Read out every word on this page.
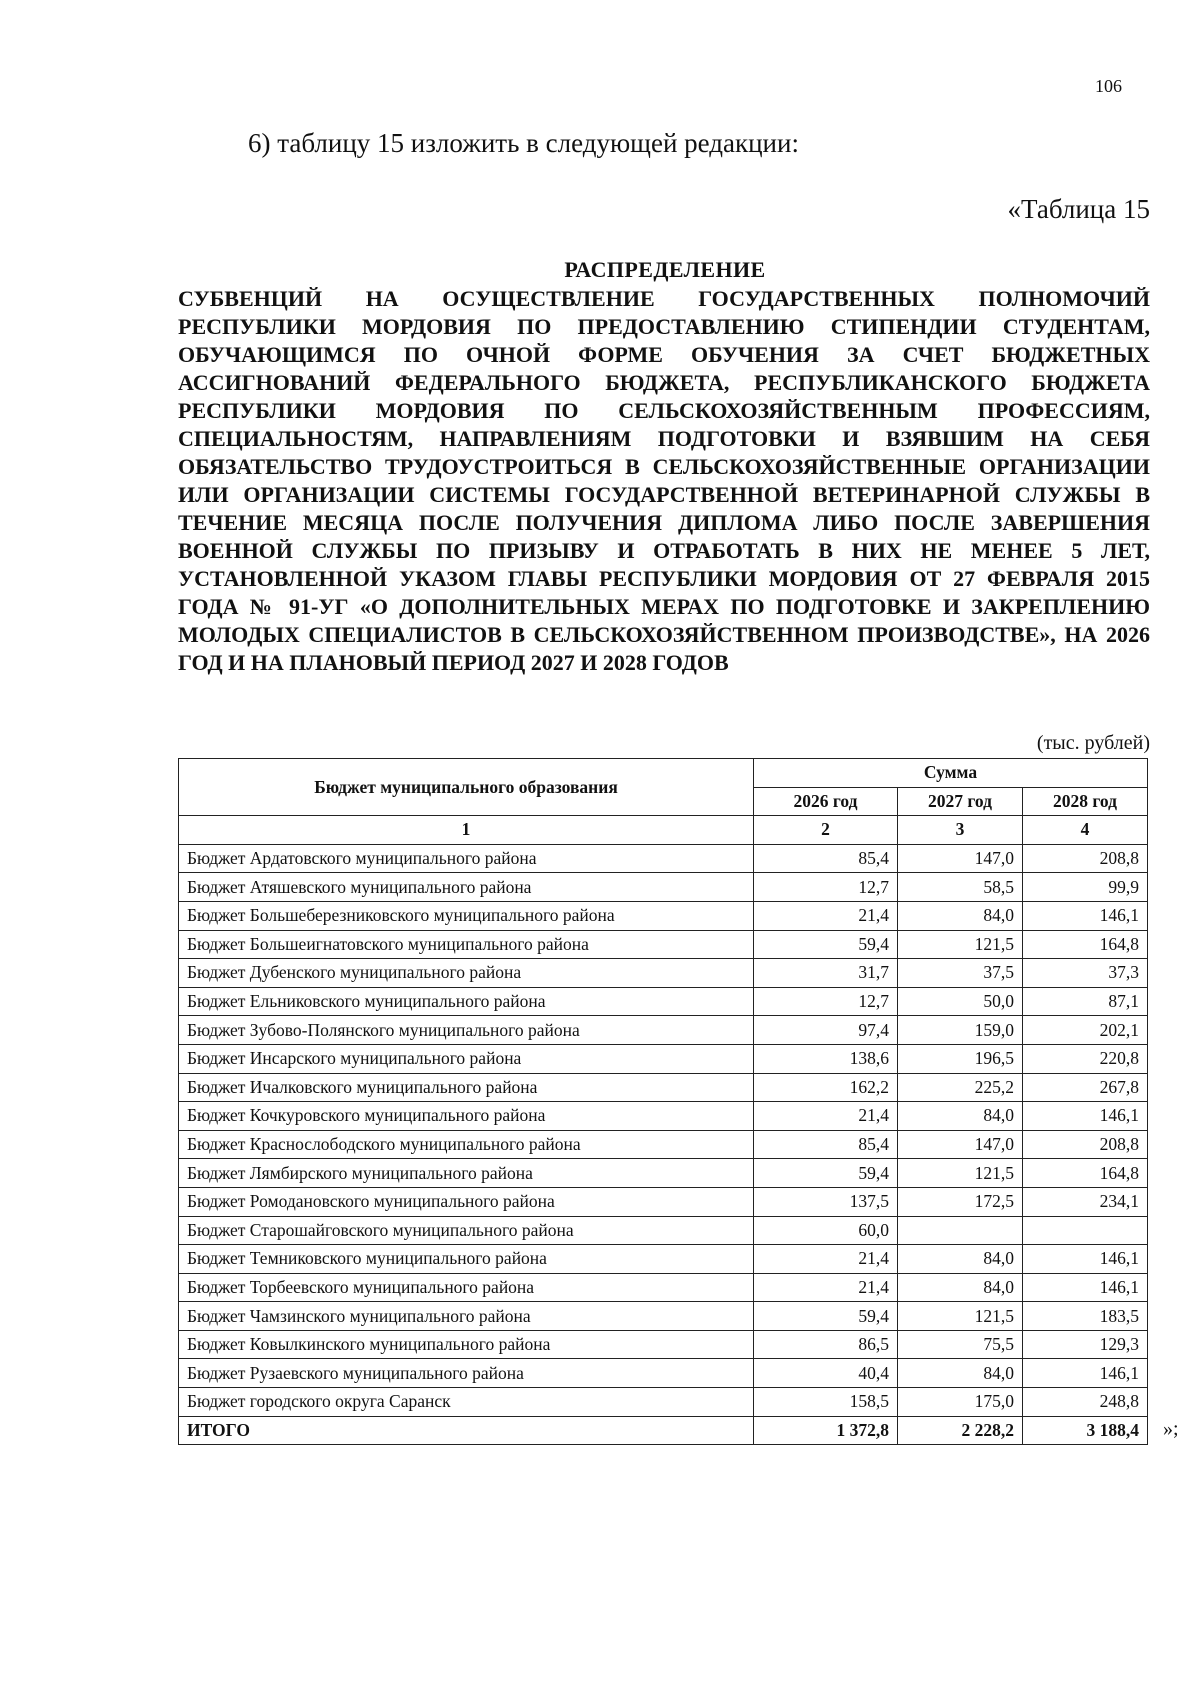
106
6) таблицу 15 изложить в следующей редакции:
«Таблица 15
РАСПРЕДЕЛЕНИЕ

СУБВЕНЦИЙ НА ОСУЩЕСТВЛЕНИЕ ГОСУДАРСТВЕННЫХ ПОЛНОМОЧИЙ РЕСПУБЛИКИ МОРДОВИЯ ПО ПРЕДОСТАВЛЕНИЮ СТИПЕНДИИ СТУДЕНТАМ, ОБУЧАЮЩИМСЯ ПО ОЧНОЙ ФОРМЕ ОБУЧЕНИЯ ЗА СЧЕТ БЮДЖЕТНЫХ АССИГНОВАНИЙ ФЕДЕРАЛЬНОГО БЮДЖЕТА, РЕСПУБЛИКАНСКОГО БЮДЖЕТА РЕСПУБЛИКИ МОРДОВИЯ ПО СЕЛЬСКОХОЗЯЙСТВЕННЫМ ПРОФЕССИЯМ, СПЕЦИАЛЬНОСТЯМ, НАПРАВЛЕНИЯМ ПОДГОТОВКИ И ВЗЯВШИМ НА СЕБЯ ОБЯЗАТЕЛЬСТВО ТРУДОУСТРОИТЬСЯ В СЕЛЬСКОХОЗЯЙСТВЕННЫЕ ОРГАНИЗАЦИИ ИЛИ ОРГАНИЗАЦИИ СИСТЕМЫ ГОСУДАРСТВЕННОЙ ВЕТЕРИНАРНОЙ СЛУЖБЫ В ТЕЧЕНИЕ МЕСЯЦА ПОСЛЕ ПОЛУЧЕНИЯ ДИПЛОМА ЛИБО ПОСЛЕ ЗАВЕРШЕНИЯ ВОЕННОЙ СЛУЖБЫ ПО ПРИЗЫВУ И ОТРАБОТАТЬ В НИХ НЕ МЕНЕЕ 5 ЛЕТ, УСТАНОВЛЕННОЙ УКАЗОМ ГЛАВЫ РЕСПУБЛИКИ МОРДОВИЯ ОТ 27 ФЕВРАЛЯ 2015 ГОДА № 91-УГ «О ДОПОЛНИТЕЛЬНЫХ МЕРАХ ПО ПОДГОТОВКЕ И ЗАКРЕПЛЕНИЮ МОЛОДЫХ СПЕЦИАЛИСТОВ В СЕЛЬСКОХОЗЯЙСТВЕННОМ ПРОИЗВОДСТВЕ», НА 2026 ГОД И НА ПЛАНОВЫЙ ПЕРИОД 2027 И 2028 ГОДОВ

(тыс. рублей)
Бюджет муниципального образования	Сумма		
	2026 год	2027 год	2028 год
1	2	3	4
Бюджет Ардатовского муниципального района	85,4	147,0	208,8
Бюджет Атяшевского муниципального района	12,7	58,5	99,9
Бюджет Большеберезниковского муниципального района	21,4	84,0	146,1
Бюджет Большеигнатовского муниципального района	59,4	121,5	164,8
Бюджет Дубенского муниципального района	31,7	37,5	37,3
Бюджет Ельниковского муниципального района	12,7	50,0	87,1
Бюджет Зубово-Полянского муниципального района	97,4	159,0	202,1
Бюджет Инсарского муниципального района	138,6	196,5	220,8
Бюджет Ичалковского муниципального района	162,2	225,2	267,8
Бюджет Кочкуровского муниципального района	21,4	84,0	146,1
Бюджет Краснослободского муниципального района	85,4	147,0	208,8
Бюджет Лямбирского муниципального района	59,4	121,5	164,8
Бюджет Ромодановского муниципального района	137,5	172,5	234,1
Бюджет Старошайговского муниципального района	60,0		
Бюджет Темниковского муниципального района	21,4	84,0	146,1
Бюджет Торбеевского муниципального района	21,4	84,0	146,1
Бюджет Чамзинского муниципального района	59,4	121,5	183,5
Бюджет Ковылкинского муниципального района	86,5	75,5	129,3
Бюджет Рузаевского муниципального района	40,4	84,0	146,1
Бюджет городского округа Саранск	158,5	175,0	248,8
ИТОГО	1 372,8	2 228,2	3 188,4 »;
